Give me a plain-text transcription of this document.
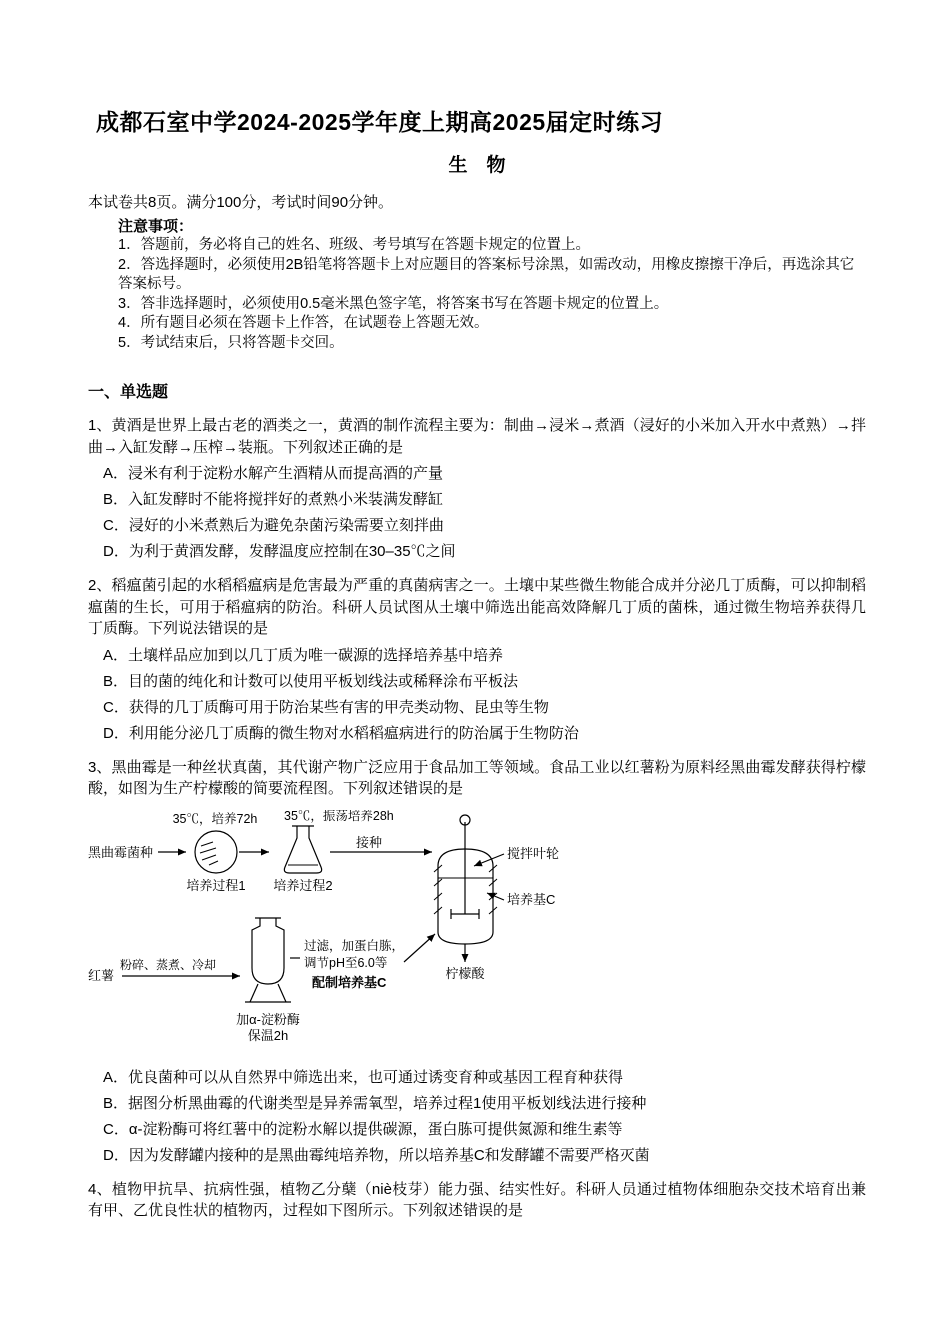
成都石室中学2024-2025学年度上期高2025届定时练习
生　物
本试卷共8页。满分100分，考试时间90分钟。
注意事项：
1．答题前，务必将自己的姓名、班级、考号填写在答题卡规定的位置上。
2．答选择题时，必须使用2B铅笔将答题卡上对应题目的答案标号涂黑，如需改动，用橡皮擦擦干净后，再选涂其它答案标号。
3．答非选择题时，必须使用0.5毫米黑色签字笔，将答案书写在答题卡规定的位置上。
4．所有题目必须在答题卡上作答，在试题卷上答题无效。
5．考试结束后，只将答题卡交回。
一、单选题
1、黄酒是世界上最古老的酒类之一，黄酒的制作流程主要为：制曲→浸米→煮酒（浸好的小米加入开水中煮熟）→拌曲→入缸发酵→压榨→装瓶。下列叙述正确的是
A．浸米有利于淀粉水解产生酒精从而提高酒的产量
B．入缸发酵时不能将搅拌好的煮熟小米装满发酵缸
C．浸好的小米煮熟后为避免杂菌污染需要立刻拌曲
D．为利于黄酒发酵，发酵温度应控制在30–35℃之间
2、稻瘟菌引起的水稻稻瘟病是危害最为严重的真菌病害之一。土壤中某些微生物能合成并分泌几丁质酶，可以抑制稻瘟菌的生长，可用于稻瘟病的防治。科研人员试图从土壤中筛选出能高效降解几丁质的菌株，通过微生物培养获得几丁质酶。下列说法错误的是
A．土壤样品应加到以几丁质为唯一碳源的选择培养基中培养
B．目的菌的纯化和计数可以使用平板划线法或稀释涂布平板法
C．获得的几丁质酶可用于防治某些有害的甲壳类动物、昆虫等生物
D．利用能分泌几丁质酶的微生物对水稻稻瘟病进行的防治属于生物防治
3、黑曲霉是一种丝状真菌，其代谢产物广泛应用于食品加工等领域。食品工业以红薯粉为原料经黑曲霉发酵获得柠檬酸，如图为生产柠檬酸的简要流程图。下列叙述错误的是
35℃，培养72h
黑曲霉菌种
培养过程1
35℃，振荡培养28h
培养过程2
接种
搅拌叶轮
培养基C
柠檬酸
红薯
粉碎、蒸煮、冷却
过滤，加蛋白胨，
调节pH至6.0等
配制培养基C
加α-淀粉酶
保温2h
A．优良菌种可以从自然界中筛选出来，也可通过诱变育种或基因工程育种获得
B．据图分析黑曲霉的代谢类型是异养需氧型，培养过程1使用平板划线法进行接种
C．α-淀粉酶可将红薯中的淀粉水解以提供碳源，蛋白胨可提供氮源和维生素等
D．因为发酵罐内接种的是黑曲霉纯培养物，所以培养基C和发酵罐不需要严格灭菌
4、植物甲抗旱、抗病性强，植物乙分蘖（niè枝芽）能力强、结实性好。科研人员通过植物体细胞杂交技术培育出兼有甲、乙优良性状的植物丙，过程如下图所示。下列叙述错误的是
